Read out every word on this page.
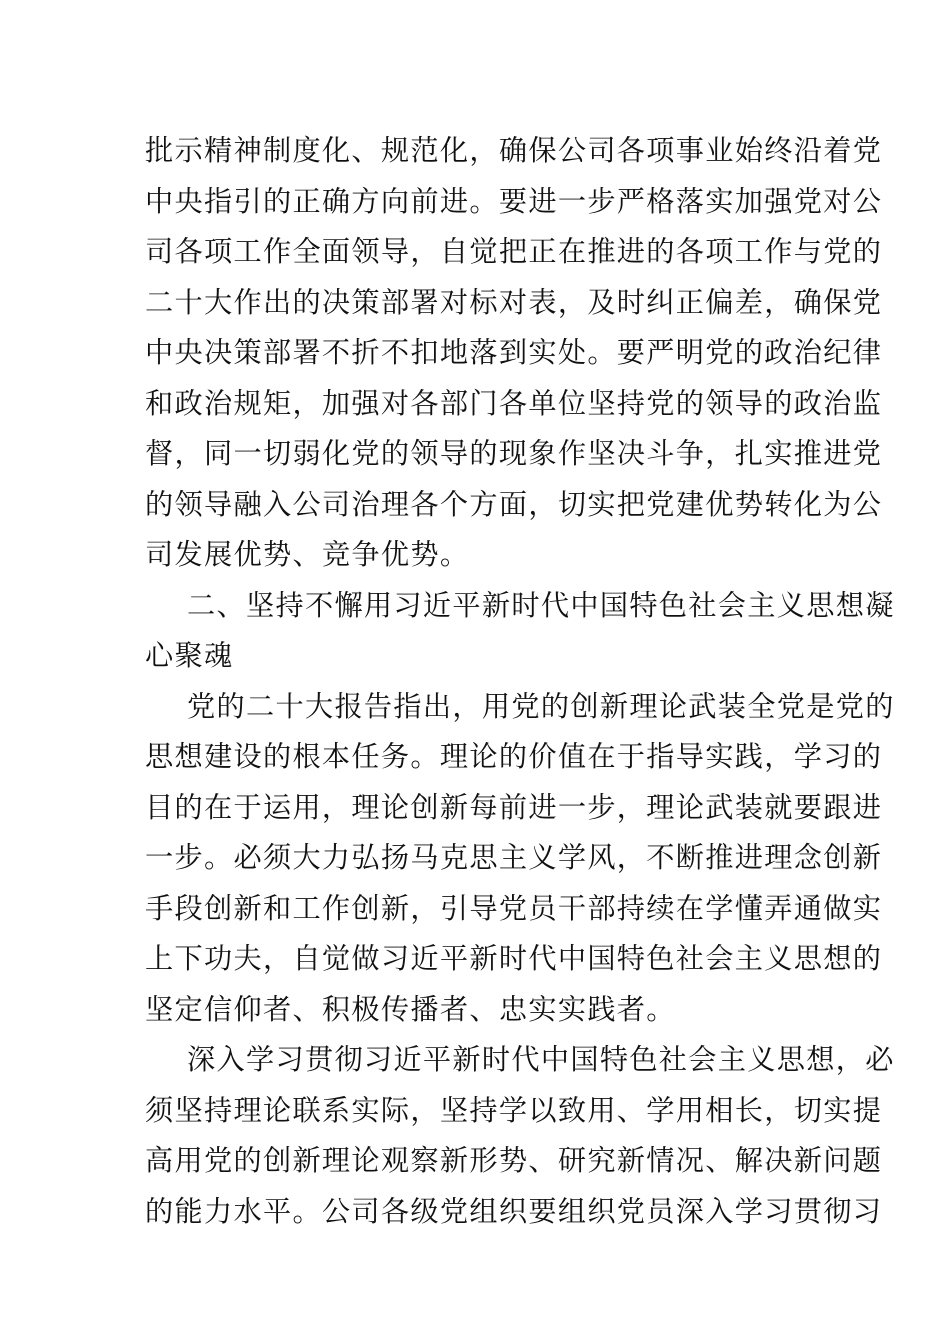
批示精神制度化、规范化，确保公司各项事业始终沿着党
中央指引的正确方向前进。要进一步严格落实加强党对公
司各项工作全面领导，自觉把正在推进的各项工作与党的
二十大作出的决策部署对标对表，及时纠正偏差，确保党
中央决策部署不折不扣地落到实处。要严明党的政治纪律
和政治规矩，加强对各部门各单位坚持党的领导的政治监
督，同一切弱化党的领导的现象作坚决斗争，扎实推进党
的领导融入公司治理各个方面，切实把党建优势转化为公
司发展优势、竞争优势。
二、坚持不懈用习近平新时代中国特色社会主义思想凝
心聚魂
党的二十大报告指出，用党的创新理论武装全党是党的
思想建设的根本任务。理论的价值在于指导实践，学习的
目的在于运用，理论创新每前进一步，理论武装就要跟进
一步。必须大力弘扬马克思主义学风，不断推进理念创新
手段创新和工作创新，引导党员干部持续在学懂弄通做实
上下功夫，自觉做习近平新时代中国特色社会主义思想的
坚定信仰者、积极传播者、忠实实践者。
深入学习贯彻习近平新时代中国特色社会主义思想，必
须坚持理论联系实际，坚持学以致用、学用相长，切实提
高用党的创新理论观察新形势、研究新情况、解决新问题
的能力水平。公司各级党组织要组织党员深入学习贯彻习
